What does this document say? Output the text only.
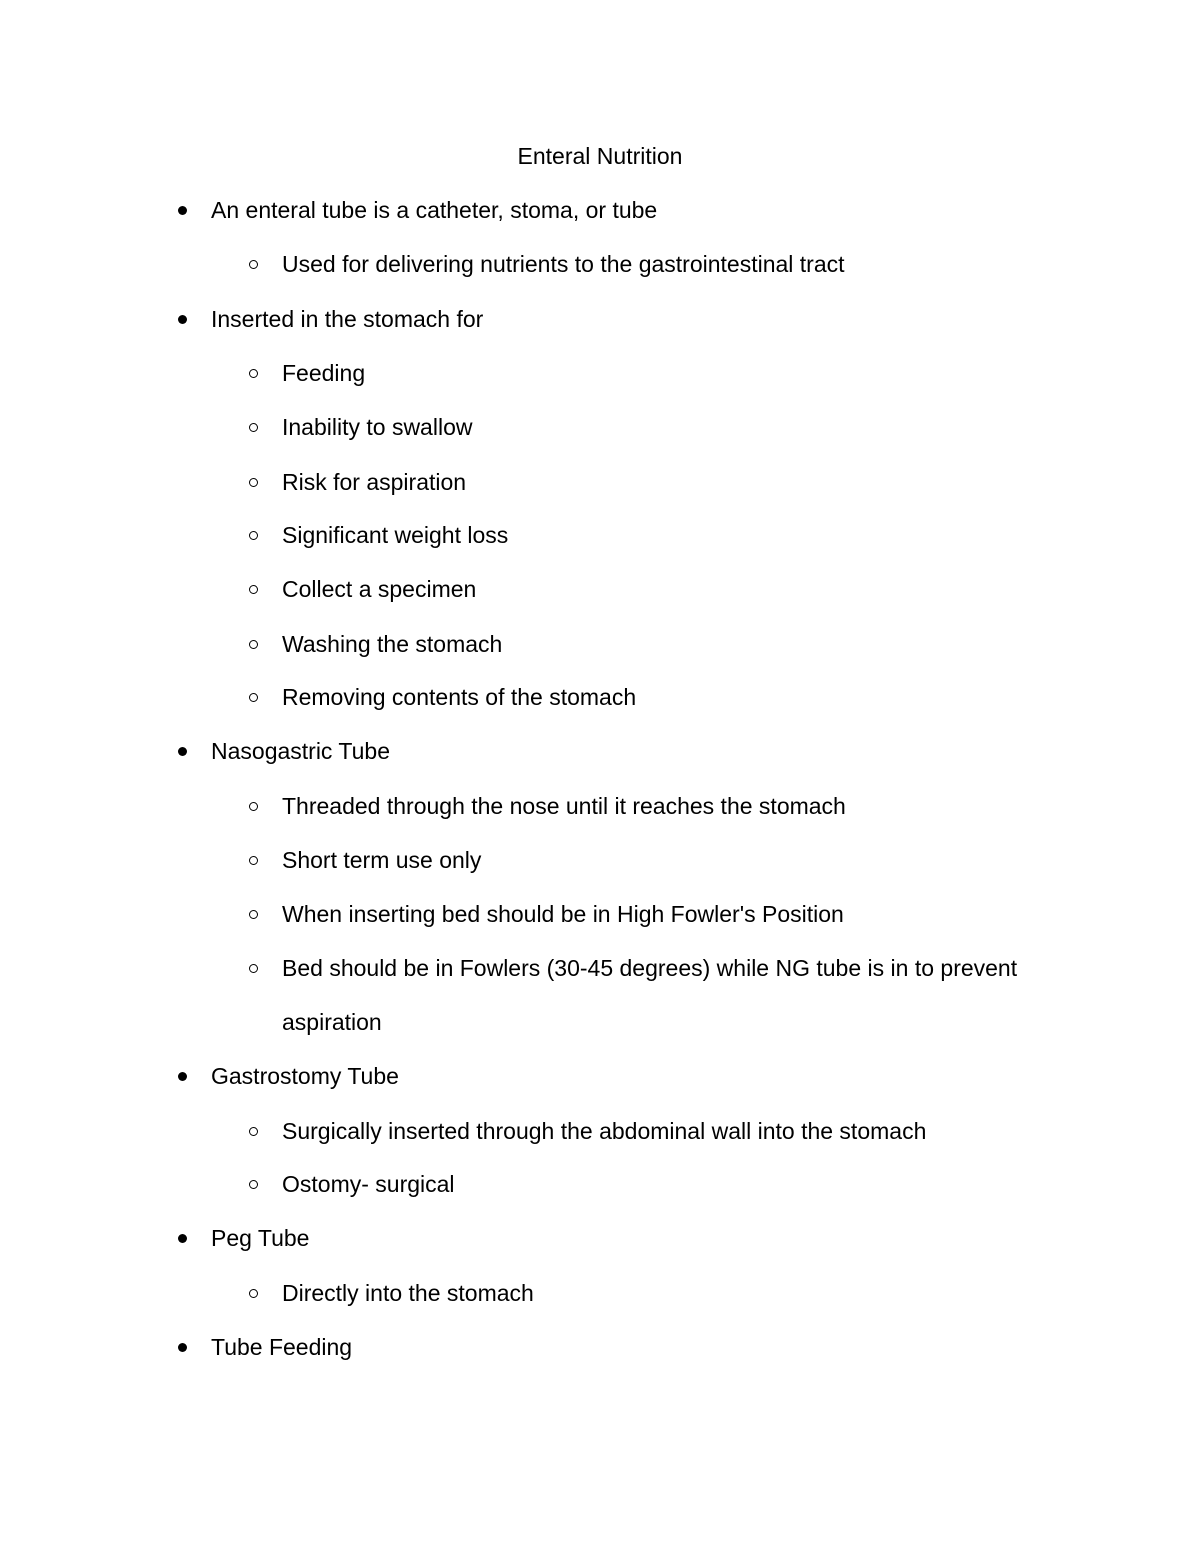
Enteral Nutrition
An enteral tube is a catheter, stoma, or tube
Used for delivering nutrients to the gastrointestinal tract
Inserted in the stomach for
Feeding
Inability to swallow
Risk for aspiration
Significant weight loss
Collect a specimen
Washing the stomach
Removing contents of the stomach
Nasogastric Tube
Threaded through the nose until it reaches the stomach
Short term use only
When inserting bed should be in High Fowler's Position
Bed should be in Fowlers (30-45 degrees) while NG tube is in to prevent
aspiration
Gastrostomy Tube
Surgically inserted through the abdominal wall into the stomach
Ostomy- surgical
Peg Tube
Directly into the stomach
Tube Feeding
